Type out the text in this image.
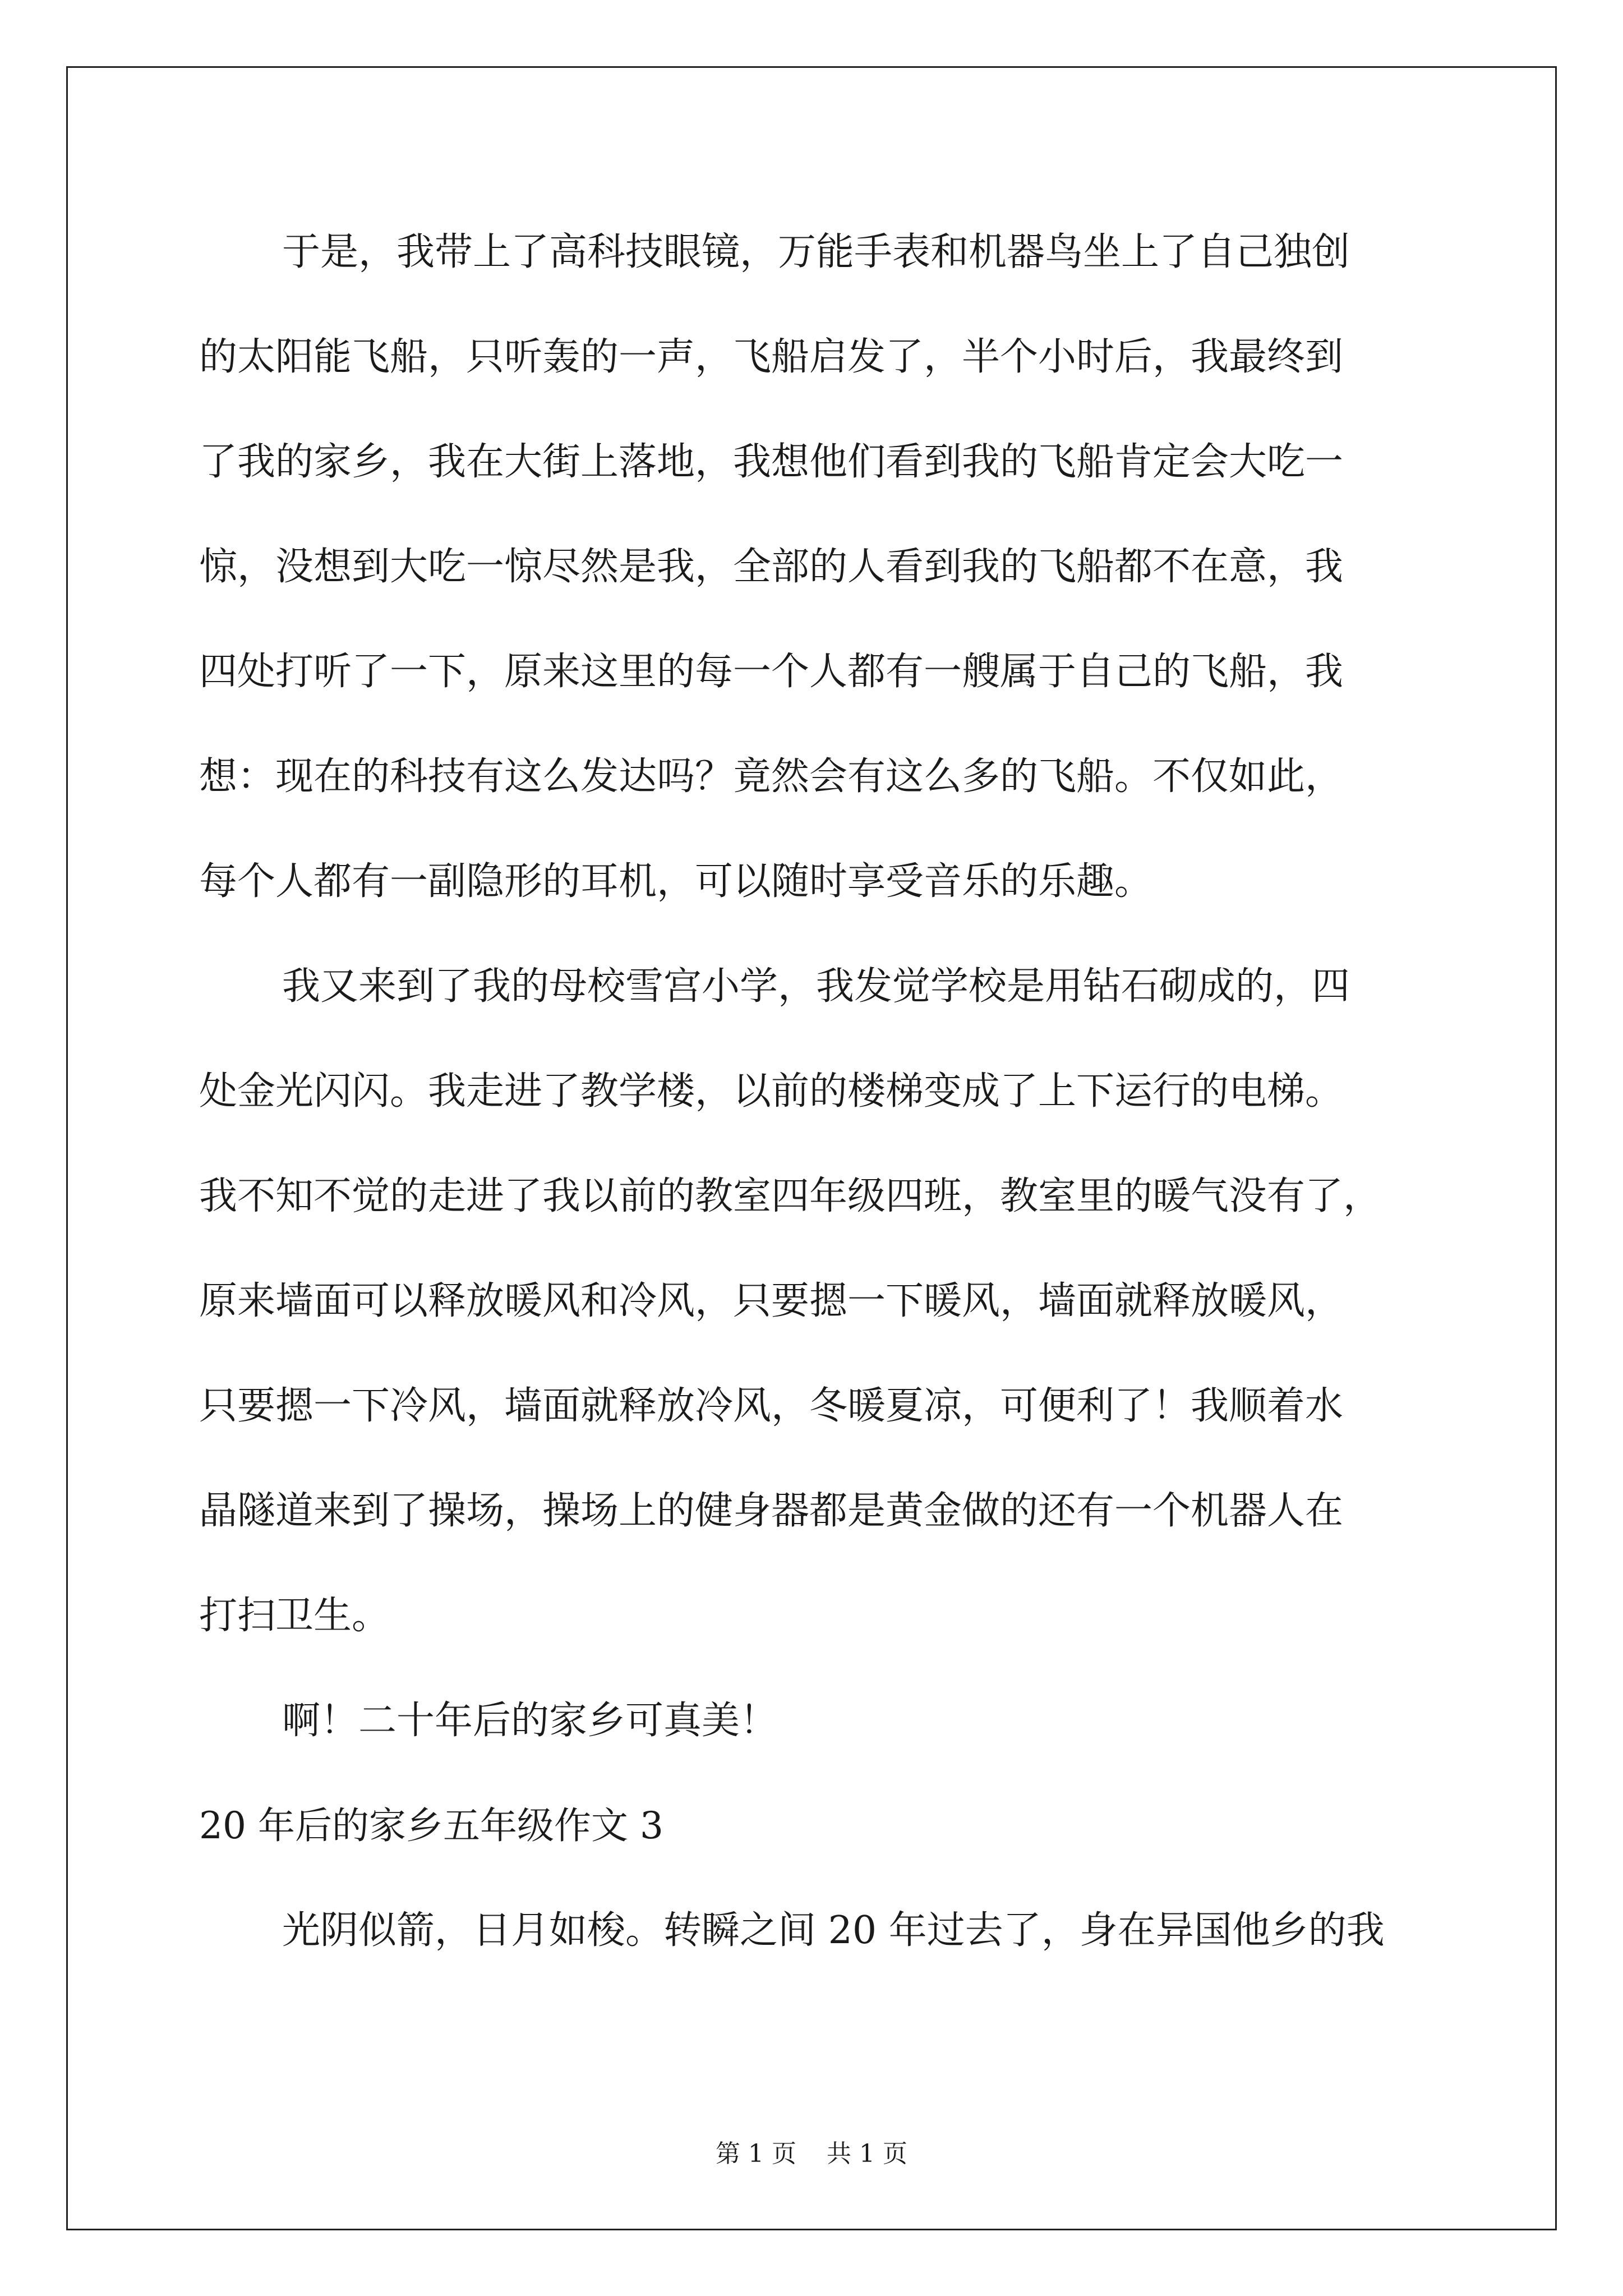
于是，我带上了高科技眼镜，万能手表和机器鸟坐上了自己独创
的太阳能飞船，只听轰的一声，飞船启发了，半个小时后，我最终到
了我的家乡，我在大街上落地，我想他们看到我的飞船肯定会大吃一
惊，没想到大吃一惊尽然是我，全部的人看到我的飞船都不在意，我
四处打听了一下，原来这里的每一个人都有一艘属于自己的飞船，我
想：现在的科技有这么发达吗？竟然会有这么多的飞船。不仅如此，
每个人都有一副隐形的耳机，可以随时享受音乐的乐趣。
我又来到了我的母校雪宫小学，我发觉学校是用钻石砌成的，四
处金光闪闪。我走进了教学楼，以前的楼梯变成了上下运行的电梯。
我不知不觉的走进了我以前的教室四年级四班，教室里的暖气没有了，
原来墙面可以释放暖风和冷风，只要摁一下暖风，墙面就释放暖风，
只要摁一下冷风，墙面就释放冷风，冬暖夏凉，可便利了！我顺着水
晶隧道来到了操场，操场上的健身器都是黄金做的还有一个机器人在
打扫卫生。
啊！二十年后的家乡可真美！
20 年后的家乡五年级作文 3
光阴似箭，日月如梭。转瞬之间 20 年过去了，身在异国他乡的我
第 1 页 共 1 页
